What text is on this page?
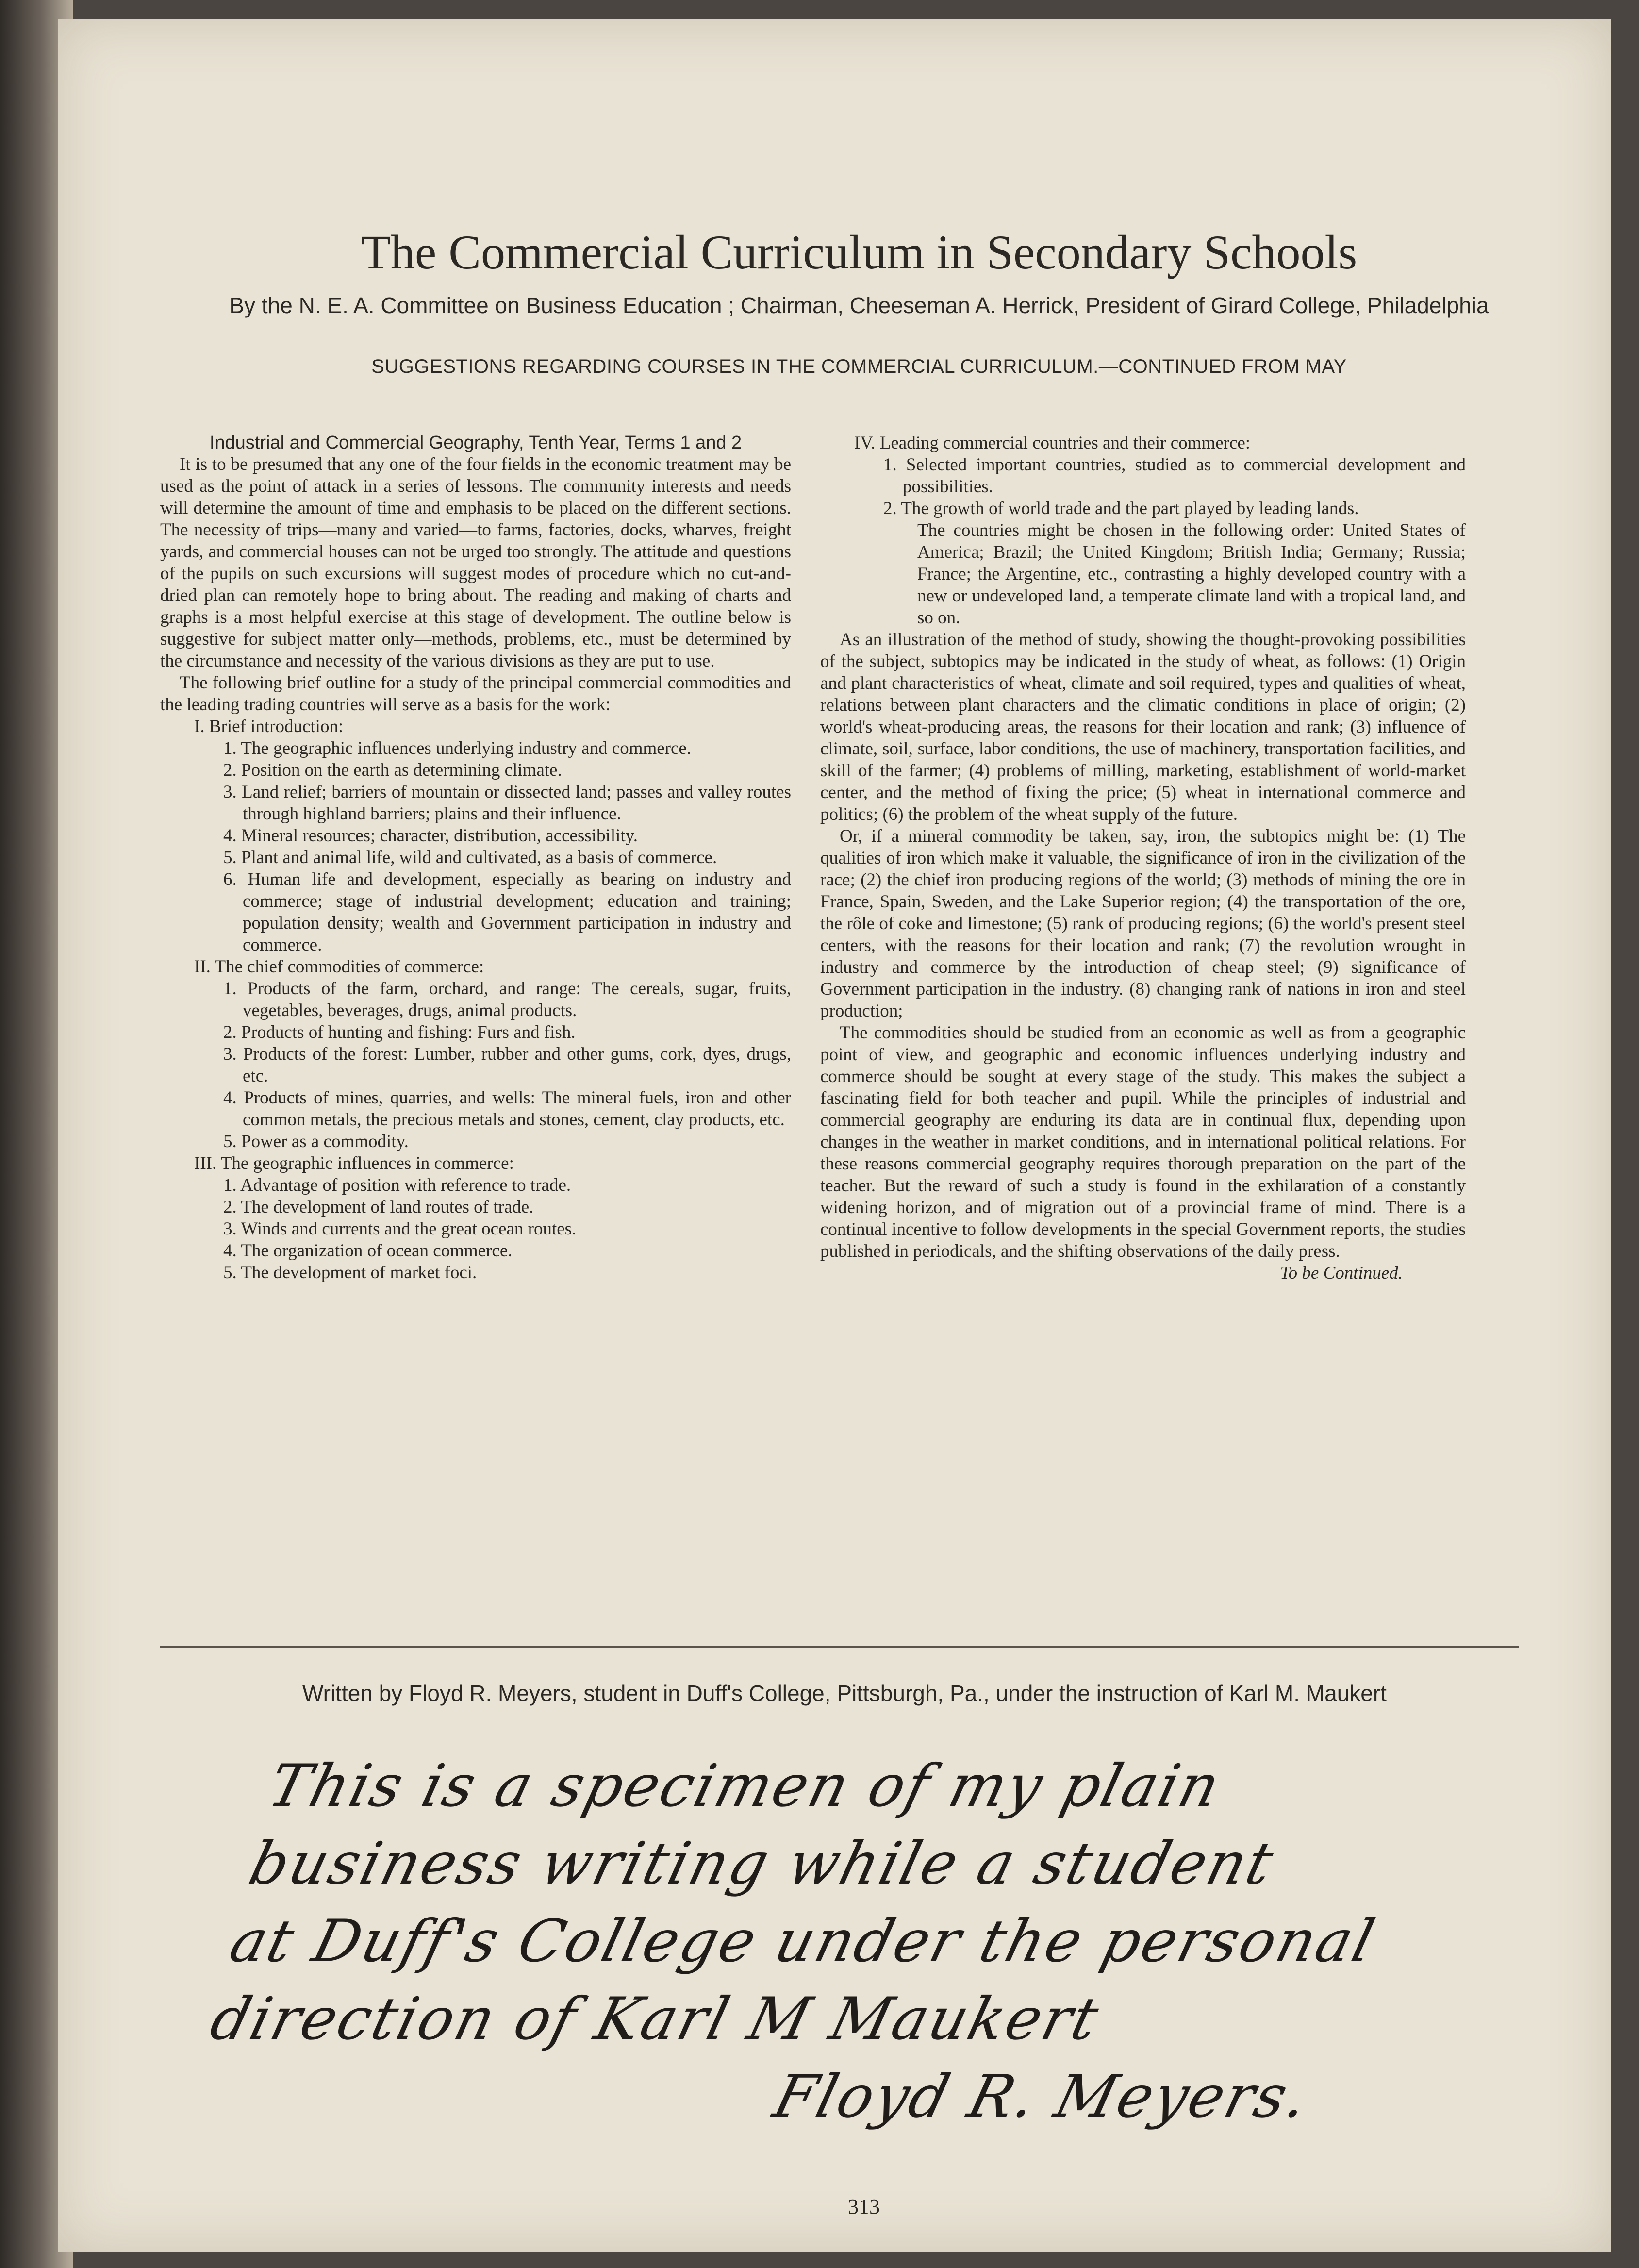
The Commercial Curriculum in Secondary Schools

By the N. E. A. Committee on Business Education ; Chairman, Cheeseman A. Herrick, President of Girard College, Philadelphia

SUGGESTIONS REGARDING COURSES IN THE COMMERCIAL CURRICULUM.—CONTINUED FROM MAY

Industrial and Commercial Geography, Tenth Year, Terms 1 and 2

It is to be presumed that any one of the four fields in the economic treatment may be used as the point of attack in a series of lessons. The community interests and needs will determine the amount of time and emphasis to be placed on the different sections. The necessity of trips—many and varied—to farms, factories, docks, wharves, freight yards, and commercial houses can not be urged too strongly. The attitude and questions of the pupils on such excursions will suggest modes of procedure which no cut-and-dried plan can remotely hope to bring about. The reading and making of charts and graphs is a most helpful exercise at this stage of development. The outline below is suggestive for subject matter only—methods, problems, etc., must be determined by the circumstance and necessity of the various divisions as they are put to use.

The following brief outline for a study of the principal commercial commodities and the leading trading countries will serve as a basis for the work:

I. Brief introduction:
1. The geographic influences underlying industry and commerce.
2. Position on the earth as determining climate.
3. Land relief; barriers of mountain or dissected land; passes and valley routes through highland barriers; plains and their influence.
4. Mineral resources; character, distribution, accessibility.
5. Plant and animal life, wild and cultivated, as a basis of commerce.
6. Human life and development, especially as bearing on industry and commerce; stage of industrial development; education and training; population density; wealth and Government participation in industry and commerce.
II. The chief commodities of commerce:
1. Products of the farm, orchard, and range: The cereals, sugar, fruits, vegetables, beverages, drugs, animal products.
2. Products of hunting and fishing: Furs and fish.
3. Products of the forest: Lumber, rubber and other gums, cork, dyes, drugs, etc.
4. Products of mines, quarries, and wells: The mineral fuels, iron and other common metals, the precious metals and stones, cement, clay products, etc.
5. Power as a commodity.
III. The geographic influences in commerce:
1. Advantage of position with reference to trade.
2. The development of land routes of trade.
3. Winds and currents and the great ocean routes.
4. The organization of ocean commerce.
5. The development of market foci.
IV. Leading commercial countries and their commerce:
1. Selected important countries, studied as to commercial development and possibilities.
2. The growth of world trade and the part played by leading lands.

The countries might be chosen in the following order: United States of America; Brazil; the United Kingdom; British India; Germany; Russia; France; the Argentine, etc., contrasting a highly developed country with a new or undeveloped land, a temperate climate land with a tropical land, and so on.

As an illustration of the method of study, showing the thought-provoking possibilities of the subject, subtopics may be indicated in the study of wheat, as follows: (1) Origin and plant characteristics of wheat, climate and soil required, types and qualities of wheat, relations between plant characters and the climatic conditions in place of origin; (2) world's wheat-producing areas, the reasons for their location and rank; (3) influence of climate, soil, surface, labor conditions, the use of machinery, transportation facilities, and skill of the farmer; (4) problems of milling, marketing, establishment of world-market center, and the method of fixing the price; (5) wheat in international commerce and politics; (6) the problem of the wheat supply of the future.

Or, if a mineral commodity be taken, say, iron, the subtopics might be: (1) The qualities of iron which make it valuable, the significance of iron in the civilization of the race; (2) the chief iron producing regions of the world; (3) methods of mining the ore in France, Spain, Sweden, and the Lake Superior region; (4) the transportation of the ore, the rôle of coke and limestone; (5) rank of producing regions; (6) the world's present steel centers, with the reasons for their location and rank; (7) the revolution wrought in industry and commerce by the introduction of cheap steel; (9) significance of Government participation in the industry. (8) changing rank of nations in iron and steel production;

The commodities should be studied from an economic as well as from a geographic point of view, and geographic and economic influences underlying industry and commerce should be sought at every stage of the study. This makes the subject a fascinating field for both teacher and pupil. While the principles of industrial and commercial geography are enduring its data are in continual flux, depending upon changes in the weather in market conditions, and in international political relations. For these reasons commercial geography requires thorough preparation on the part of the teacher. But the reward of such a study is found in the exhilaration of a constantly widening horizon, and of migration out of a provincial frame of mind. There is a continual incentive to follow developments in the special Government reports, the studies published in periodicals, and the shifting observations of the daily press.

To be Continued.

Written by Floyd R. Meyers, student in Duff's College, Pittsburgh, Pa., under the instruction of Karl M. Maukert

This is a specimen of my plain
business writing while a student
at Duff's College under the personal
direction of Karl M Maukert
Floyd R. Meyers.

313
